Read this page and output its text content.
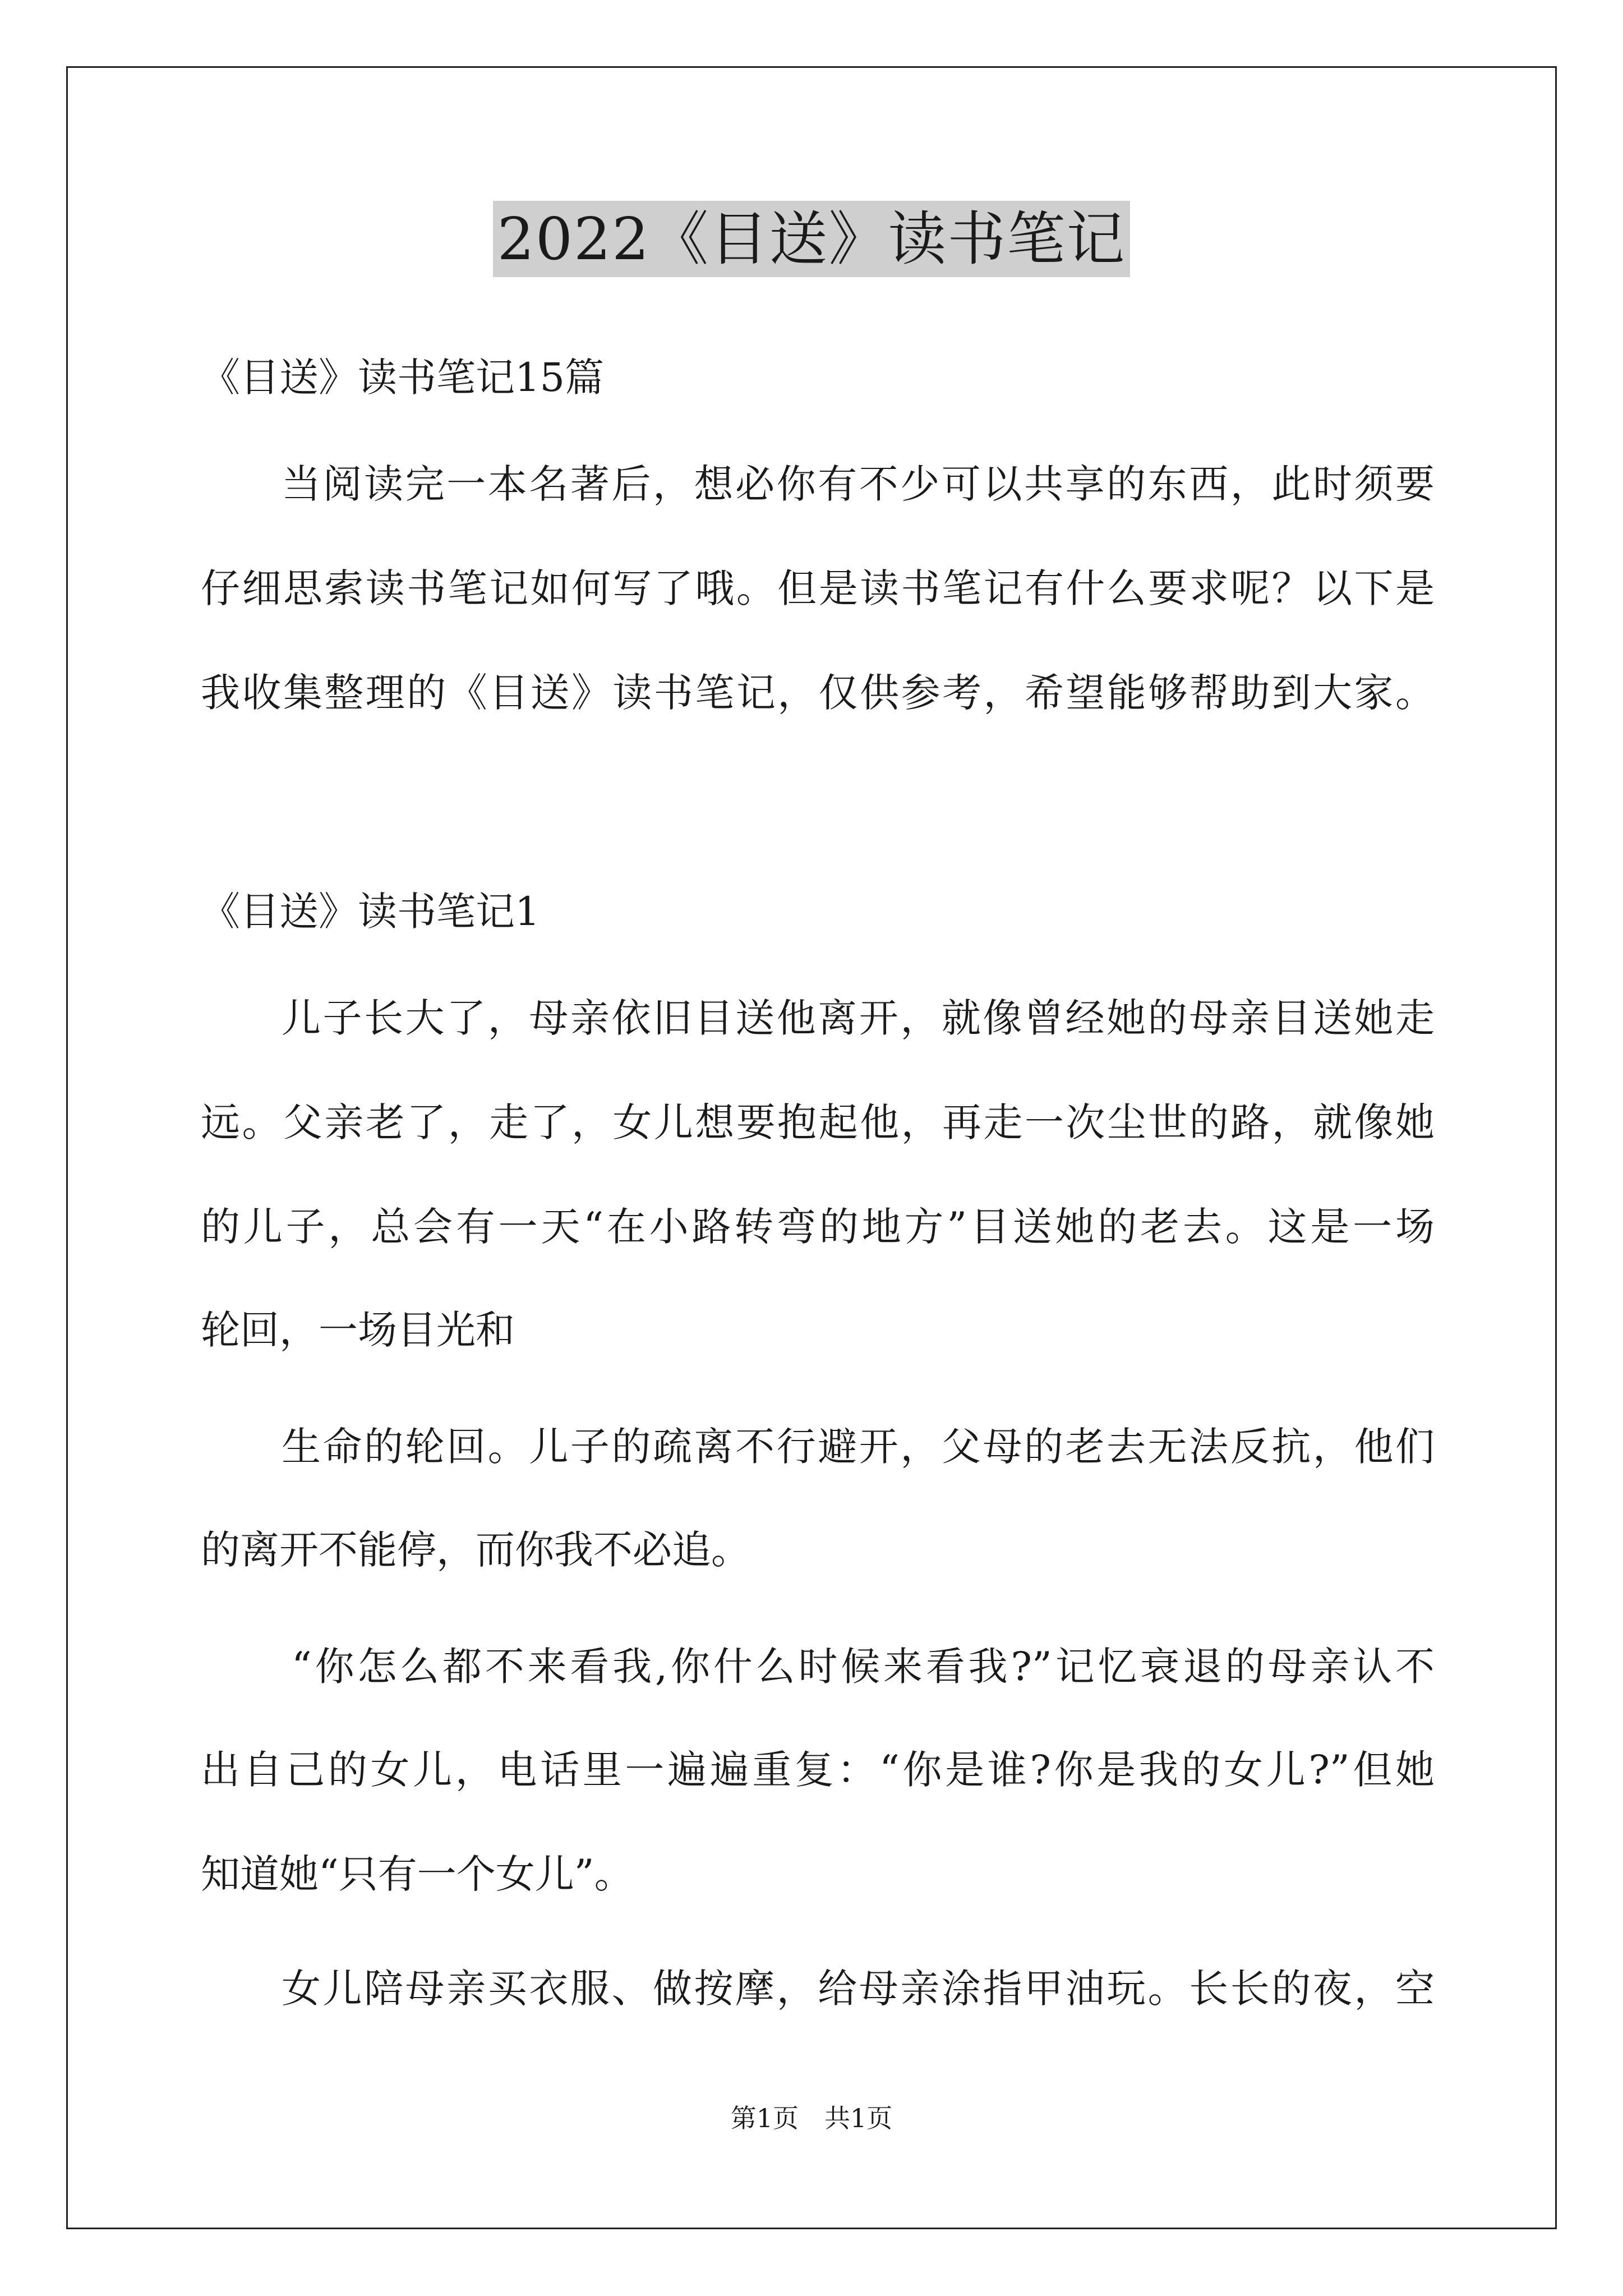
2022《目送》读书笔记
《目送》读书笔记15篇
当阅读完一本名著后，想必你有不少可以共享的东西，此时须要
仔细思索读书笔记如何写了哦。但是读书笔记有什么要求呢？以下是
我收集整理的《目送》读书笔记，仅供参考，希望能够帮助到大家。
《目送》读书笔记1
儿子长大了，母亲依旧目送他离开，就像曾经她的母亲目送她走
远。父亲老了，走了，女儿想要抱起他，再走一次尘世的路，就像她
的儿子，总会有一天“在小路转弯的地方”目送她的老去。这是一场
轮回，一场目光和
生命的轮回。儿子的疏离不行避开，父母的老去无法反抗，他们
的离开不能停，而你我不必追。
“你怎么都不来看我,你什么时候来看我?”记忆衰退的母亲认不
出自己的女儿，电话里一遍遍重复：“你是谁?你是我的女儿?”但她
知道她“只有一个女儿”。
女儿陪母亲买衣服、做按摩，给母亲涂指甲油玩。长长的夜，空
第1页　共1页
